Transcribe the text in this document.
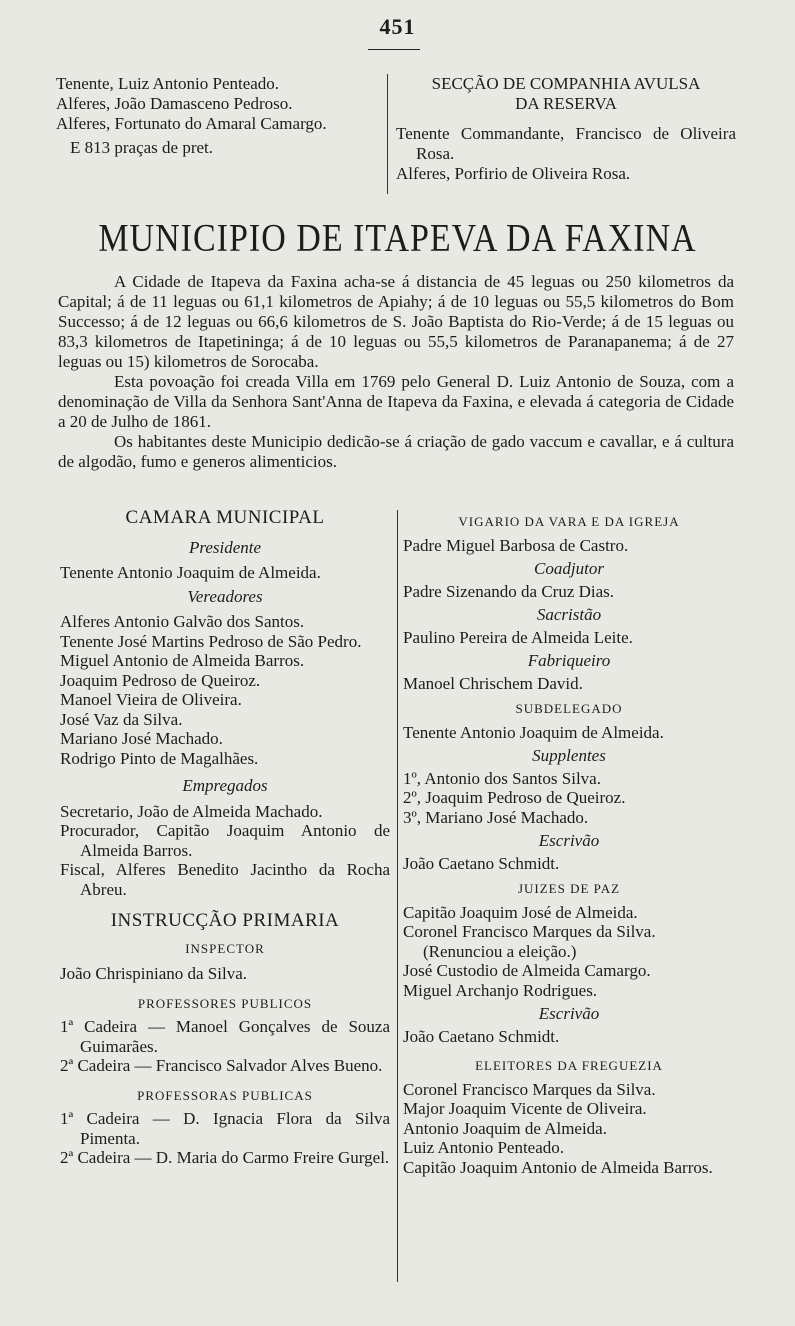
451
Tenente, Luiz Antonio Penteado.
Alferes, João Damasceno Pedroso.
Alferes, Fortunato do Amaral Camargo.
E 813 praças de pret.
SECÇÃO DE COMPANHIA AVULSA
DA RESERVA
Tenente Commandante, Francisco de Oliveira Rosa.
Alferes, Porfirio de Oliveira Rosa.
MUNICIPIO DE ITAPEVA DA FAXINA

A Cidade de Itapeva da Faxina acha-se á distancia de 45 leguas ou 250 kilometros da Capital; á de 11 leguas ou 61,1 kilometros de Apiahy; á de 10 leguas ou 55,5 kilometros do Bom Successo; á de 12 leguas ou 66,6 kilometros de S. João Baptista do Rio-Verde; á de 15 leguas ou 83,3 kilometros de Itapetininga; á de 10 leguas ou 55,5 kilometros de Paranapanema; á de 27 leguas ou 15) kilometros de Sorocaba.

Esta povoação foi creada Villa em 1769 pelo General D. Luiz Antonio de Souza, com a denominação de Villa da Senhora Sant'Anna de Itapeva da Faxina, e elevada á categoria de Cidade a 20 de Julho de 1861.

Os habitantes deste Municipio dedicão-se á criação de gado vaccum e cavallar, e á cultura de algodão, fumo e generos alimenticios.

CAMARA MUNICIPAL
Presidente
Tenente Antonio Joaquim de Almeida.
Vereadores
Alferes Antonio Galvão dos Santos.
Tenente José Martins Pedroso de São Pedro.
Miguel Antonio de Almeida Barros.
Joaquim Pedroso de Queiroz.
Manoel Vieira de Oliveira.
José Vaz da Silva.
Mariano José Machado.
Rodrigo Pinto de Magalhães.
Empregados
Secretario, João de Almeida Machado.
Procurador, Capitão Joaquim Antonio de Almeida Barros.
Fiscal, Alferes Benedito Jacintho da Rocha Abreu.
INSTRUCÇÃO PRIMARIA
INSPECTOR
João Chrispiniano da Silva.
PROFESSORES PUBLICOS
1ª Cadeira — Manoel Gonçalves de Souza Guimarães.
2ª Cadeira — Francisco Salvador Alves Bueno.
PROFESSORAS PUBLICAS
1ª Cadeira — D. Ignacia Flora da Silva Pimenta.
2ª Cadeira — D. Maria do Carmo Freire Gurgel.
VIGARIO DA VARA E DA IGREJA
Padre Miguel Barbosa de Castro.
Coadjutor
Padre Sizenando da Cruz Dias.
Sacristão
Paulino Pereira de Almeida Leite.
Fabriqueiro
Manoel Chrischem David.
SUBDELEGADO
Tenente Antonio Joaquim de Almeida.
Supplentes
1º, Antonio dos Santos Silva.
2º, Joaquim Pedroso de Queiroz.
3º, Mariano José Machado.
Escrivão
João Caetano Schmidt.
JUIZES DE PAZ
Capitão Joaquim José de Almeida.
Coronel Francisco Marques da Silva.
(Renunciou a eleição.)
José Custodio de Almeida Camargo.
Miguel Archanjo Rodrigues.
Escrivão
João Caetano Schmidt.
ELEITORES DA FREGUEZIA
Coronel Francisco Marques da Silva.
Major Joaquim Vicente de Oliveira.
Antonio Joaquim de Almeida.
Luiz Antonio Penteado.
Capitão Joaquim Antonio de Almeida Barros.
